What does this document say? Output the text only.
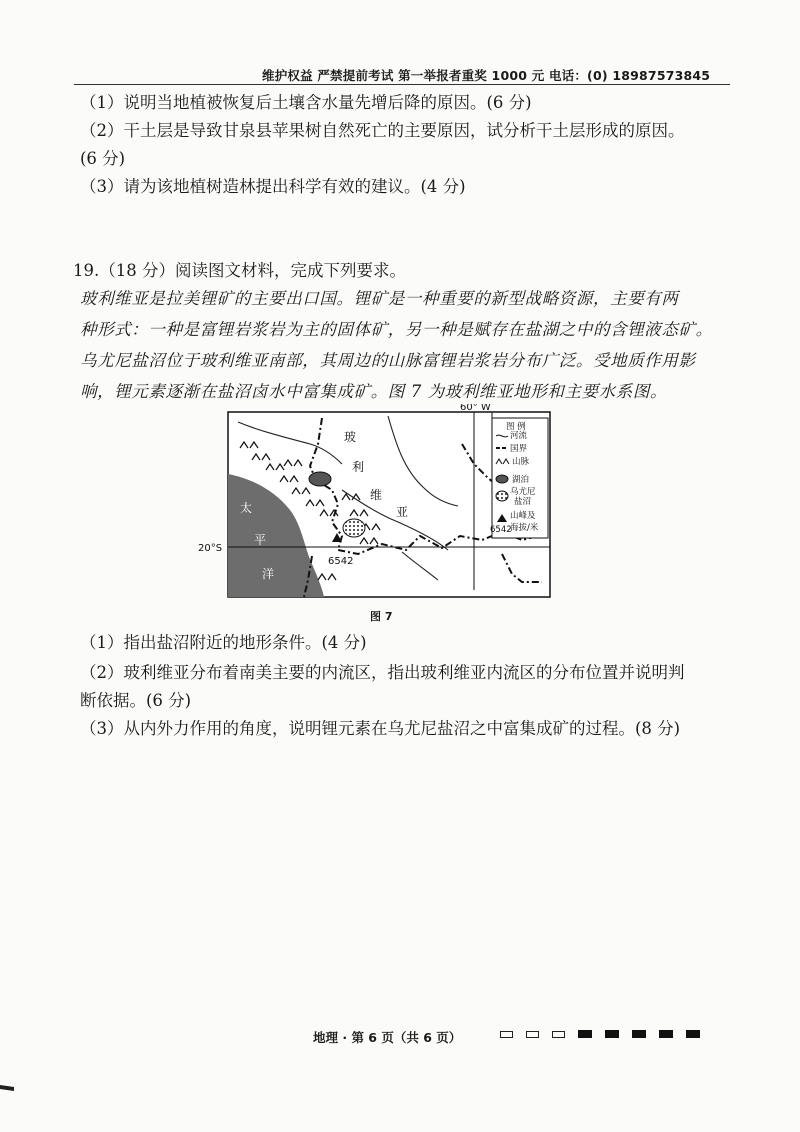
维护权益 严禁提前考试 第一举报者重奖 1000 元 电话：(0) 18987573845
（1）说明当地植被恢复后土壤含水量先增后降的原因。(6 分)
（2）干土层是导致甘泉县苹果树自然死亡的主要原因，试分析干土层形成的原因。
(6 分)
（3）请为该地植树造林提出科学有效的建议。(4 分)
19.（18 分）阅读图文材料，完成下列要求。
玻利维亚是拉美锂矿的主要出口国。锂矿是一种重要的新型战略资源，主要有两
种形式：一种是富锂岩浆岩为主的固体矿，另一种是赋存在盐湖之中的含锂液态矿。
乌尤尼盐沼位于玻利维亚南部，其周边的山脉富锂岩浆岩分布广泛。受地质作用影
响，锂元素逐渐在盐沼卤水中富集成矿。图 7 为玻利维亚地形和主要水系图。
玻
利
维
亚
太
平
洋
60° W
20°S
6542
图 例
河流
国界
山脉
湖泊
乌尤尼
盐沼
山峰及
海拔/米
6542
图 7
（1）指出盐沼附近的地形条件。(4 分)
（2）玻利维亚分布着南美主要的内流区，指出玻利维亚内流区的分布位置并说明判
断依据。(6 分)
（3）从内外力作用的角度，说明锂元素在乌尤尼盐沼之中富集成矿的过程。(8 分)
地理 · 第 6 页（共 6 页）
